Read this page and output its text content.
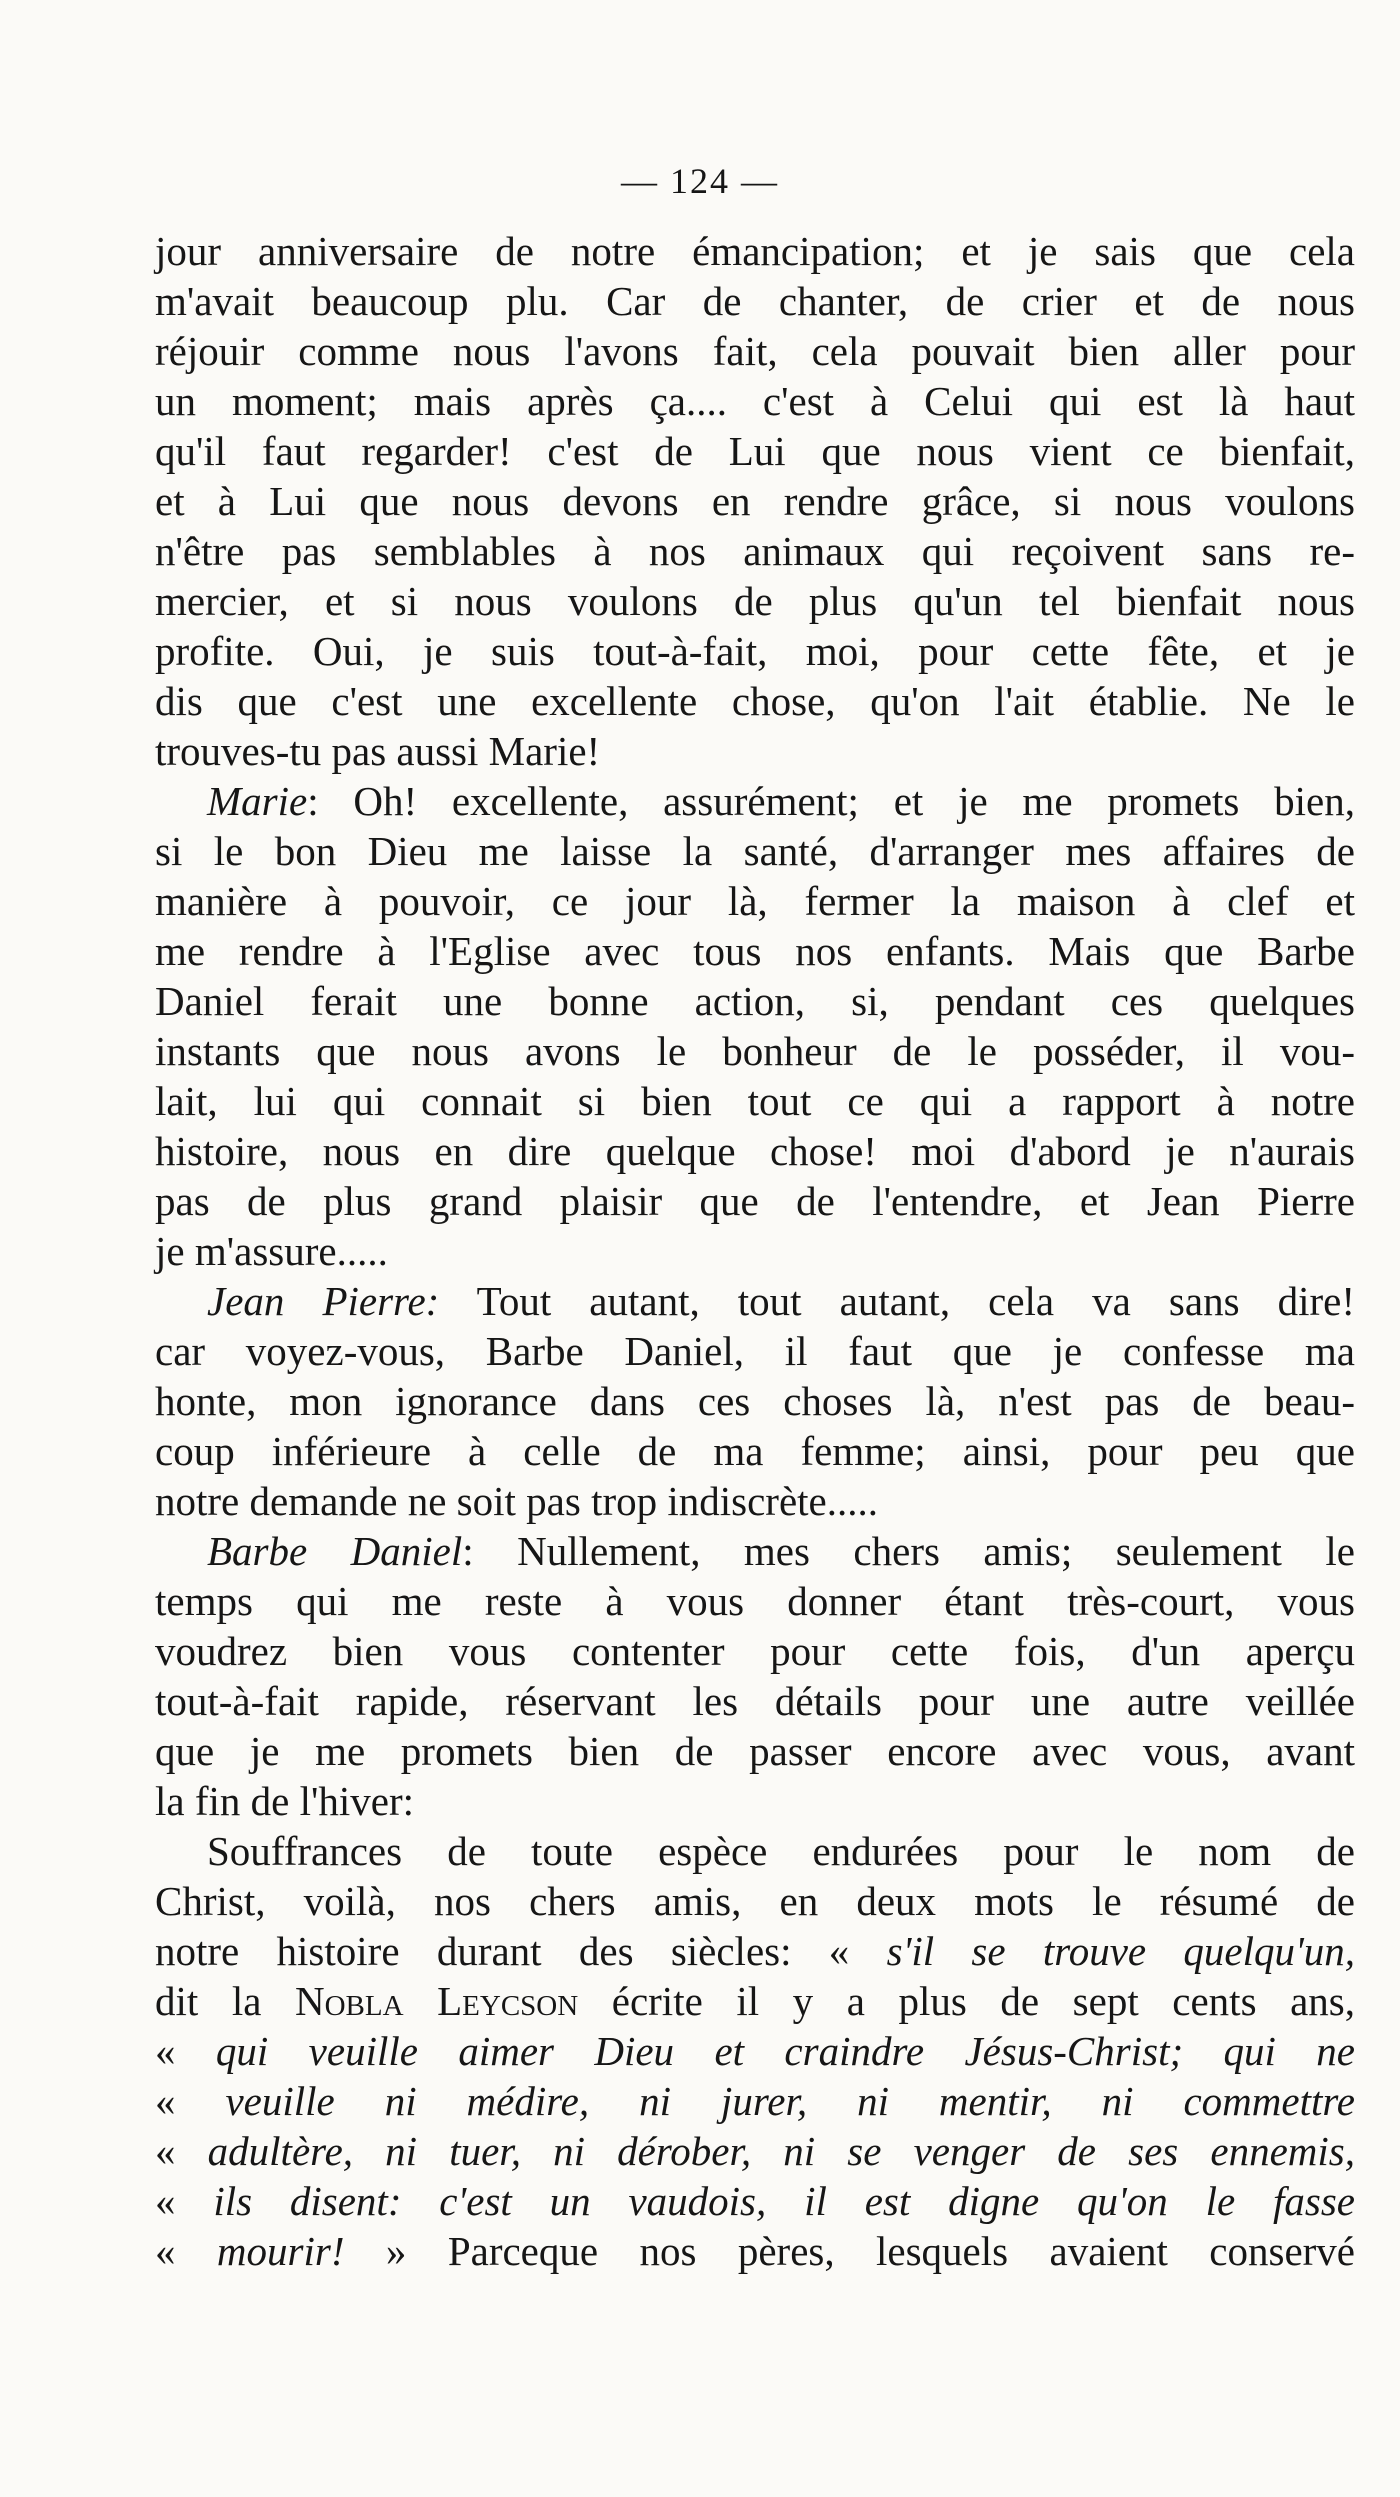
— 124 —
jour anniversaire de notre émancipation; et je sais que cela
m'avait beaucoup plu. Car de chanter, de crier et de nous
réjouir comme nous l'avons fait, cela pouvait bien aller pour
un moment; mais après ça.... c'est à Celui qui est là haut
qu'il faut regarder! c'est de Lui que nous vient ce bienfait,
et à Lui que nous devons en rendre grâce, si nous voulons
n'être pas semblables à nos animaux qui reçoivent sans re-
mercier, et si nous voulons de plus qu'un tel bienfait nous
profite. Oui, je suis tout-à-fait, moi, pour cette fête, et je
dis que c'est une excellente chose, qu'on l'ait établie. Ne le
trouves-tu pas aussi Marie!
Marie: Oh! excellente, assurément; et je me promets bien,
si le bon Dieu me laisse la santé, d'arranger mes affaires de
manière à pouvoir, ce jour là, fermer la maison à clef et
me rendre à l'Eglise avec tous nos enfants. Mais que Barbe
Daniel ferait une bonne action, si, pendant ces quelques
instants que nous avons le bonheur de le posséder, il vou-
lait, lui qui connait si bien tout ce qui a rapport à notre
histoire, nous en dire quelque chose! moi d'abord je n'aurais
pas de plus grand plaisir que de l'entendre, et Jean Pierre
je m'assure.....
Jean Pierre: Tout autant, tout autant, cela va sans dire!
car voyez-vous, Barbe Daniel, il faut que je confesse ma
honte, mon ignorance dans ces choses là, n'est pas de beau-
coup inférieure à celle de ma femme; ainsi, pour peu que
notre demande ne soit pas trop indiscrète.....
Barbe Daniel: Nullement, mes chers amis; seulement le
temps qui me reste à vous donner étant très-court, vous
voudrez bien vous contenter pour cette fois, d'un aperçu
tout-à-fait rapide, réservant les détails pour une autre veillée
que je me promets bien de passer encore avec vous, avant
la fin de l'hiver:
Souffrances de toute espèce endurées pour le nom de
Christ, voilà, nos chers amis, en deux mots le résumé de
notre histoire durant des siècles: « s'il se trouve quelqu'un,
dit la Nobla Leycson écrite il y a plus de sept cents ans,
« qui veuille aimer Dieu et craindre Jésus-Christ; qui ne
« veuille ni médire, ni jurer, ni mentir, ni commettre
« adultère, ni tuer, ni dérober, ni se venger de ses ennemis,
« ils disent: c'est un vaudois, il est digne qu'on le fasse
« mourir! » Parceque nos pères, lesquels avaient conservé
